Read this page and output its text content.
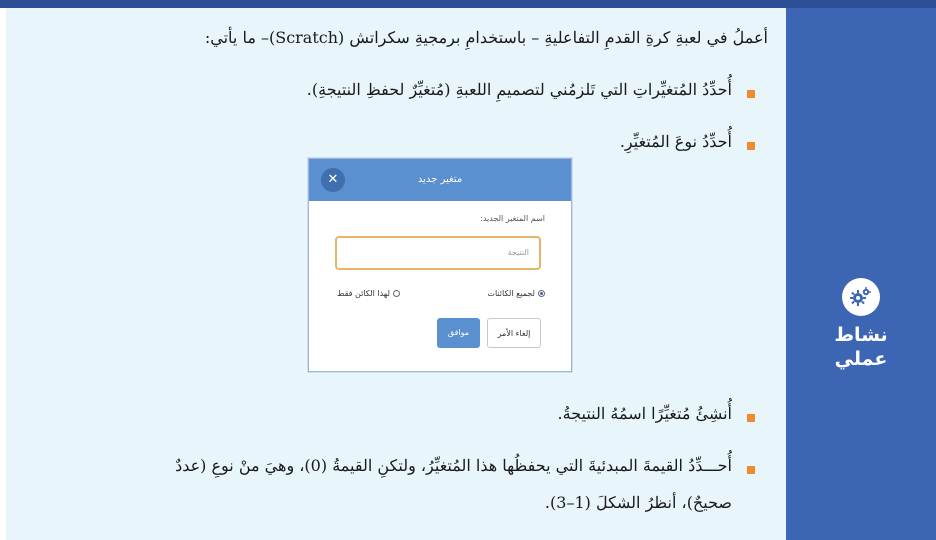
أعملُ في لعبةِ كرةِ القدمِ التفاعليةِ – باستخدامِ برمجيةِ سكراتش (Scratch)– ما يأتي:
أُحدِّدُ المُتغيِّراتِ التي تَلزمُني لتصميمِ اللعبةِ (مُتغيِّرٌ لحفظِ النتيجةِ).
أُحدِّدُ نوعَ المُتغيِّرِ.
متغير جديد
✕
اسم المتغير الجديد:
النتيجة
لجميع الكائنات
لهذا الكائن فقط
موافق	إلغاء الأمر
أُنشِئُ مُتغيِّرًا اسمُهُ النتيجةُ.
أُحـــدِّدُ القيمةَ المبدئيةَ التي يحفظُها هذا المُتغيِّرُ، ولتكنِ القيمةُ (0)، وهيَ منْ نوعِ (عددٌ
صحيحٌ)، أنظرُ الشكلَ (1–3).
نشاط
عملي
